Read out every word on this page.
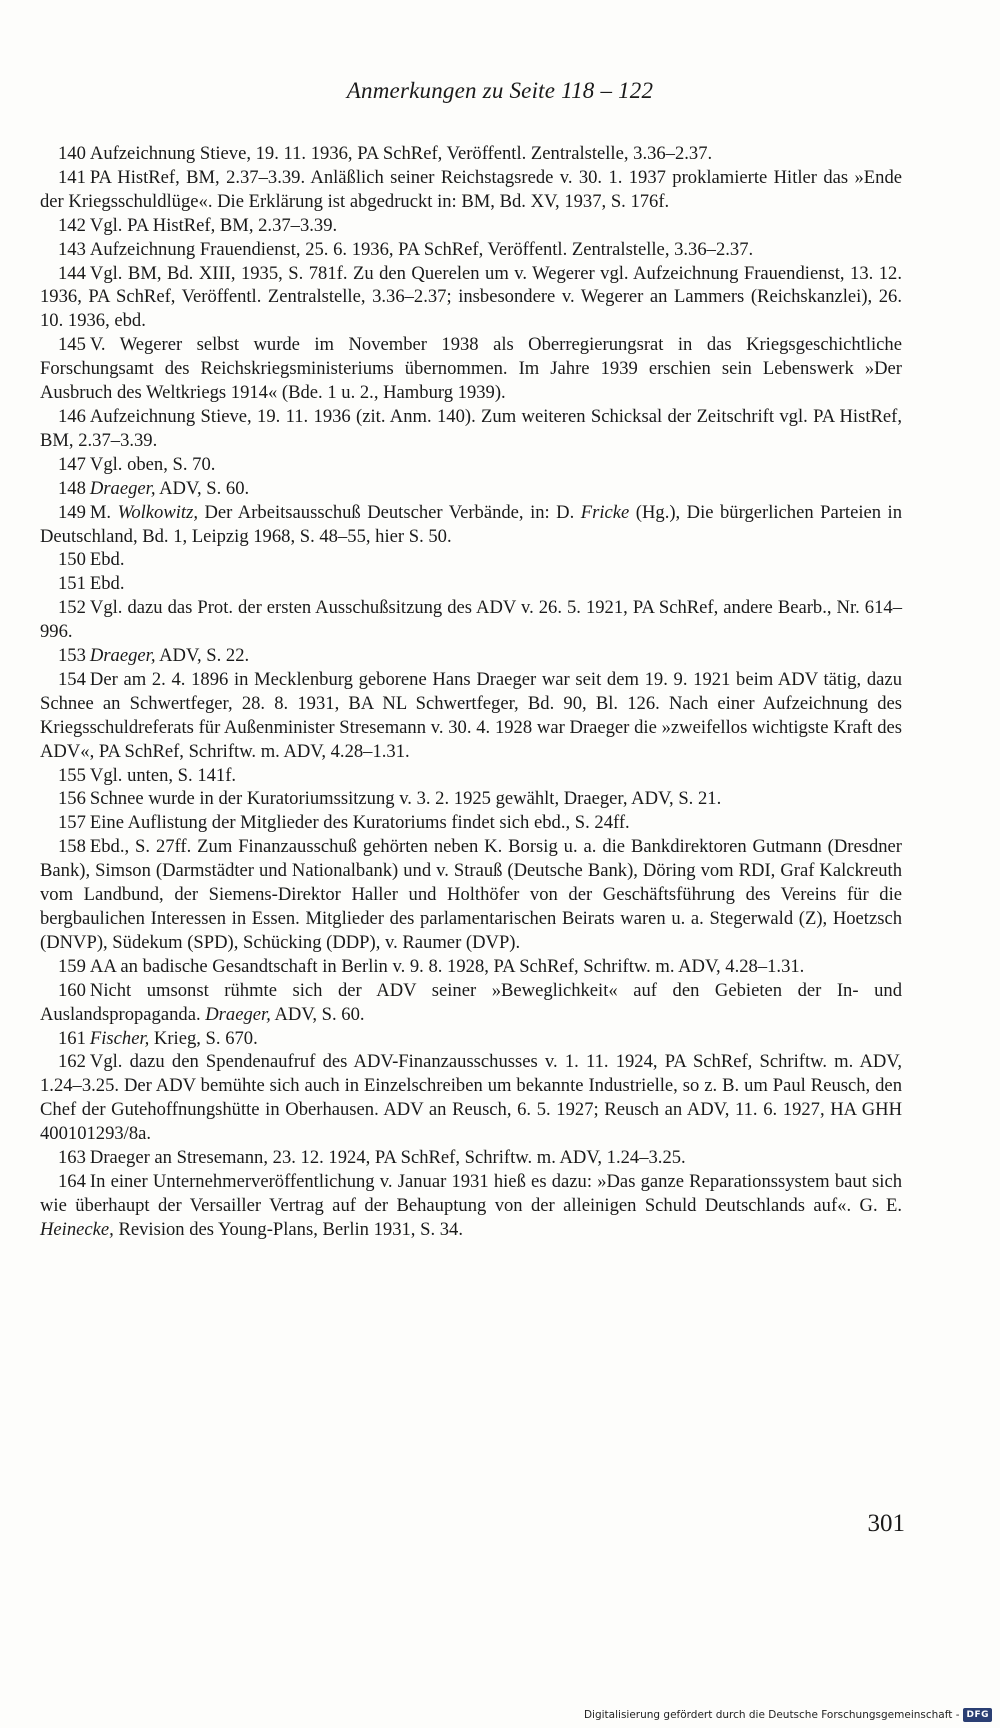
Anmerkungen zu Seite 118 – 122

140 Aufzeichnung Stieve, 19. 11. 1936, PA SchRef, Veröffentl. Zentralstelle, 3.36–2.37.

141 PA HistRef, BM, 2.37–3.39. Anläßlich seiner Reichstagsrede v. 30. 1. 1937 proklamierte Hitler das »Ende der Kriegsschuldlüge«. Die Erklärung ist abgedruckt in: BM, Bd. XV, 1937, S. 176f.

142 Vgl. PA HistRef, BM, 2.37–3.39.

143 Aufzeichnung Frauendienst, 25. 6. 1936, PA SchRef, Veröffentl. Zentralstelle, 3.36–2.37.

144 Vgl. BM, Bd. XIII, 1935, S. 781f. Zu den Querelen um v. Wegerer vgl. Aufzeichnung Frauendienst, 13. 12. 1936, PA SchRef, Veröffentl. Zentralstelle, 3.36–2.37; insbesondere v. Wegerer an Lammers (Reichskanzlei), 26. 10. 1936, ebd.

145 V. Wegerer selbst wurde im November 1938 als Oberregierungsrat in das Kriegsgeschichtliche Forschungsamt des Reichskriegsministeriums übernommen. Im Jahre 1939 erschien sein Lebenswerk »Der Ausbruch des Weltkriegs 1914« (Bde. 1 u. 2., Hamburg 1939).

146 Aufzeichnung Stieve, 19. 11. 1936 (zit. Anm. 140). Zum weiteren Schicksal der Zeitschrift vgl. PA HistRef, BM, 2.37–3.39.

147 Vgl. oben, S. 70.

148 Draeger, ADV, S. 60.

149 M. Wolkowitz, Der Arbeitsausschuß Deutscher Verbände, in: D. Fricke (Hg.), Die bürgerlichen Parteien in Deutschland, Bd. 1, Leipzig 1968, S. 48–55, hier S. 50.

150 Ebd.

151 Ebd.

152 Vgl. dazu das Prot. der ersten Ausschußsitzung des ADV v. 26. 5. 1921, PA SchRef, andere Bearb., Nr. 614–996.

153 Draeger, ADV, S. 22.

154 Der am 2. 4. 1896 in Mecklenburg geborene Hans Draeger war seit dem 19. 9. 1921 beim ADV tätig, dazu Schnee an Schwertfeger, 28. 8. 1931, BA NL Schwertfeger, Bd. 90, Bl. 126. Nach einer Aufzeichnung des Kriegsschuldreferats für Außenminister Stresemann v. 30. 4. 1928 war Draeger die »zweifellos wichtigste Kraft des ADV«, PA SchRef, Schriftw. m. ADV, 4.28–1.31.

155 Vgl. unten, S. 141f.

156 Schnee wurde in der Kuratoriumssitzung v. 3. 2. 1925 gewählt, Draeger, ADV, S. 21.

157 Eine Auflistung der Mitglieder des Kuratoriums findet sich ebd., S. 24ff.

158 Ebd., S. 27ff. Zum Finanzausschuß gehörten neben K. Borsig u. a. die Bankdirektoren Gutmann (Dresdner Bank), Simson (Darmstädter und Nationalbank) und v. Strauß (Deutsche Bank), Döring vom RDI, Graf Kalckreuth vom Landbund, der Siemens-Direktor Haller und Holthöfer von der Geschäftsführung des Vereins für die bergbaulichen Interessen in Essen. Mitglieder des parlamentarischen Beirats waren u. a. Stegerwald (Z), Hoetzsch (DNVP), Südekum (SPD), Schücking (DDP), v. Raumer (DVP).

159 AA an badische Gesandtschaft in Berlin v. 9. 8. 1928, PA SchRef, Schriftw. m. ADV, 4.28–1.31.

160 Nicht umsonst rühmte sich der ADV seiner »Beweglichkeit« auf den Gebieten der In- und Auslandspropaganda. Draeger, ADV, S. 60.

161 Fischer, Krieg, S. 670.

162 Vgl. dazu den Spendenaufruf des ADV-Finanzausschusses v. 1. 11. 1924, PA SchRef, Schriftw. m. ADV, 1.24–3.25. Der ADV bemühte sich auch in Einzelschreiben um bekannte Industrielle, so z. B. um Paul Reusch, den Chef der Gutehoffnungshütte in Oberhausen. ADV an Reusch, 6. 5. 1927; Reusch an ADV, 11. 6. 1927, HA GHH 400101293/8a.

163 Draeger an Stresemann, 23. 12. 1924, PA SchRef, Schriftw. m. ADV, 1.24–3.25.

164 In einer Unternehmerveröffentlichung v. Januar 1931 hieß es dazu: »Das ganze Reparationssystem baut sich wie überhaupt der Versailler Vertrag auf der Behauptung von der alleinigen Schuld Deutschlands auf«. G. E. Heinecke, Revision des Young-Plans, Berlin 1931, S. 34.

301
Digitalisierung gefördert durch die Deutsche Forschungsgemeinschaft - DFG
